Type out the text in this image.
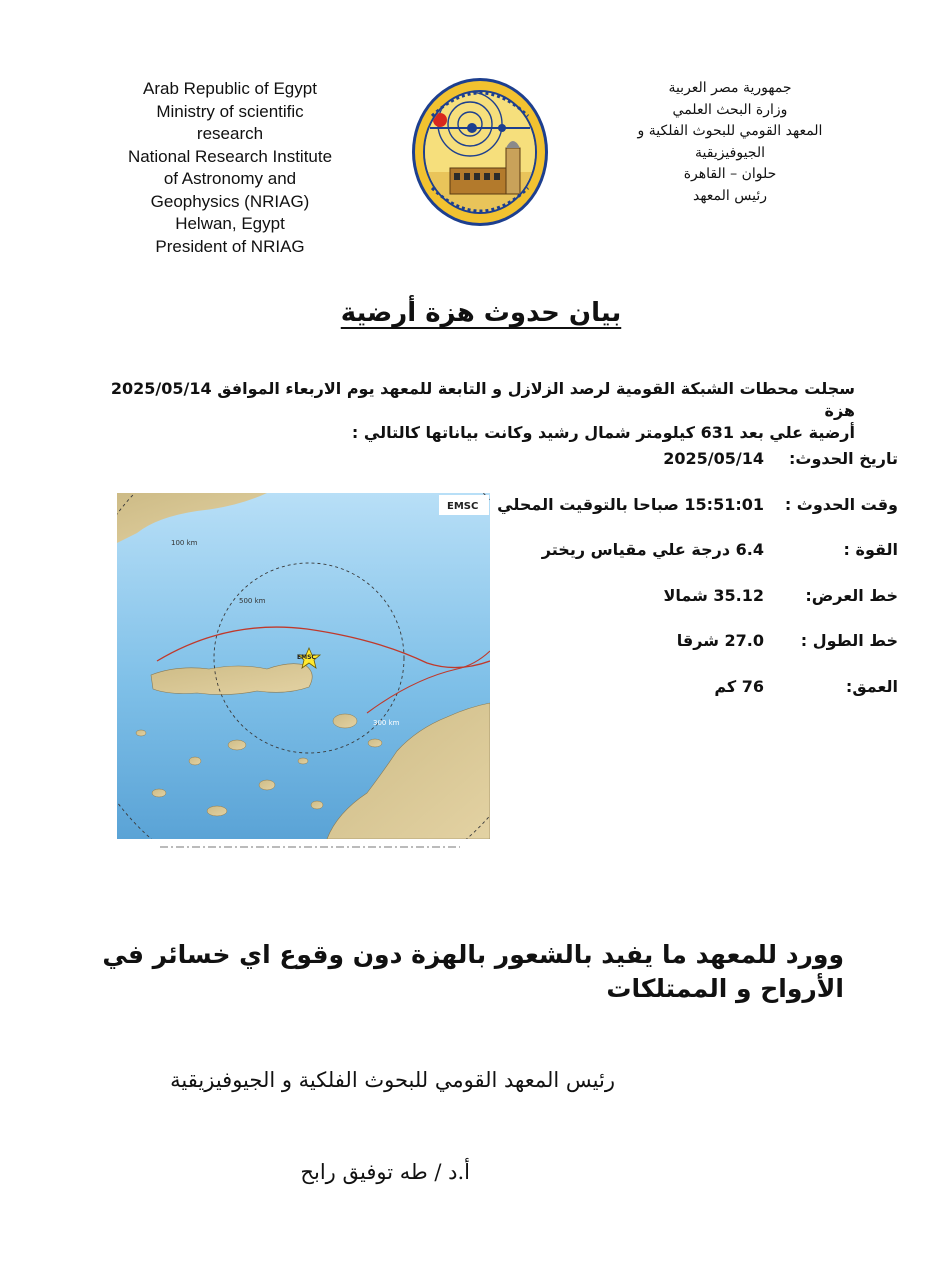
Arab Republic of Egypt
Ministry of scientific
research
National Research Institute
of Astronomy and
Geophysics (NRIAG)
Helwan, Egypt
President of NRIAG
جمهورية مصر العربية
وزارة البحث العلمي
المعهد القومي للبحوث الفلكية و
الجيوفيزيقية
حلوان – القاهرة
رئيس المعهد
بيان حدوث هزة أرضية
سجلت محطات الشبكة القومية لرصد الزلازل و التابعة للمعهد يوم الاربعاء الموافق 2025/05/14 هزة
أرضية علي بعد 631 كيلومتر شمال رشيد وكانت بياناتها كالتالي :
تاريخ الحدوث:
2025/05/14
وقت الحدوث :
15:51:01 صباحا بالتوقيت المحلي
القوة :
6.4 درجة علي مقياس ريختر
خط العرض:
35.12 شمالا
خط الطول :
27.0 شرقا
العمق:
76 كم
100 km
500 km
300 km
EMSC
EMSC
وورد للمعهد ما يفيد بالشعور بالهزة دون وقوع اي خسائر في الأرواح و الممتلكات
رئيس المعهد القومي للبحوث الفلكية و الجيوفيزيقية
أ.د / طه توفيق رابح
